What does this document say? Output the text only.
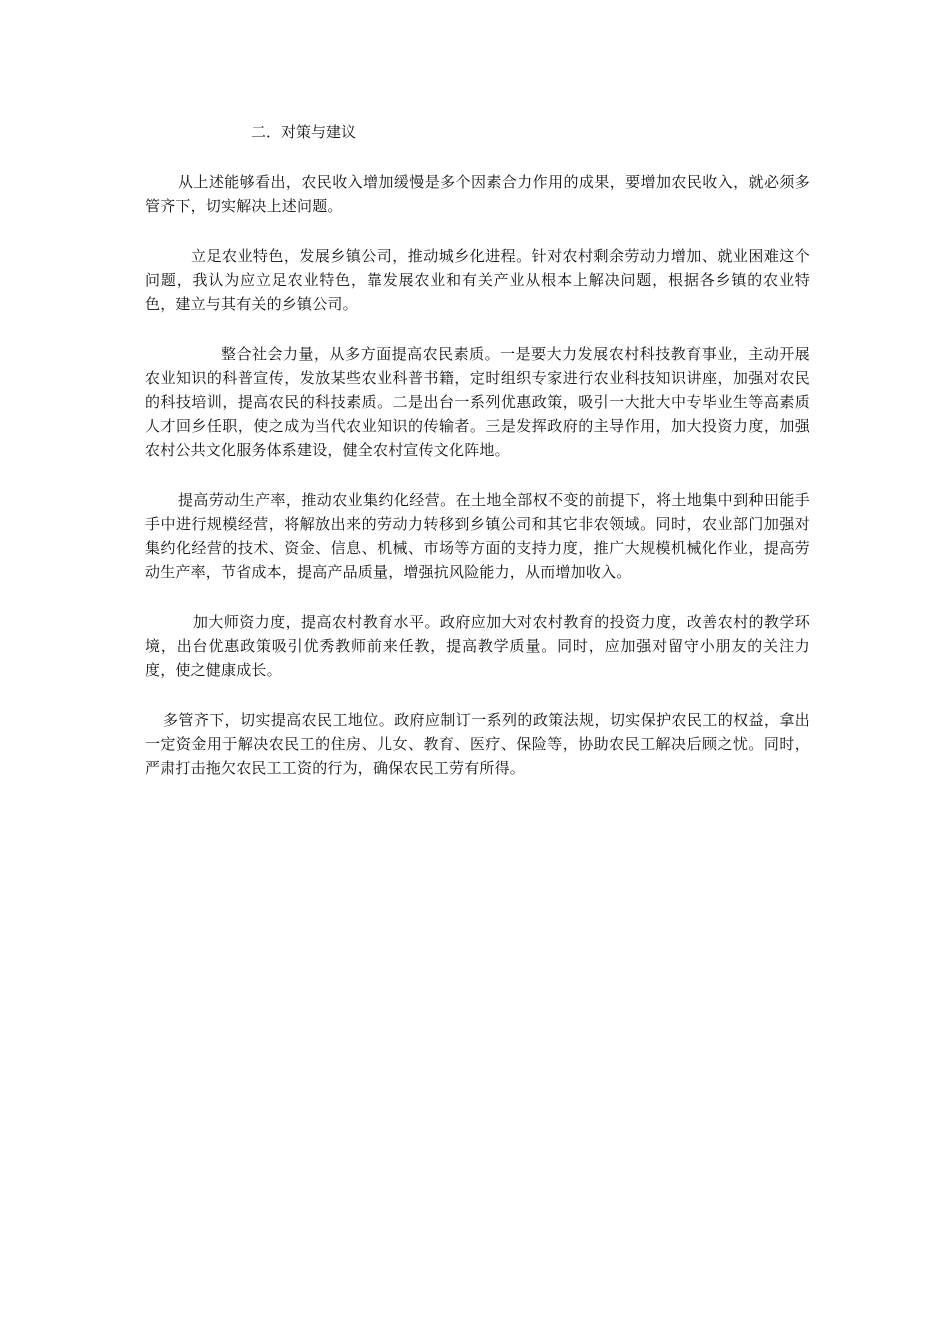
二．对策与建议

从上述能够看出，农民收入增加缓慢是多个因素合力作用的成果，要增加农民收入，就必须多管齐下，切实解决上述问题。

立足农业特色，发展乡镇公司，推动城乡化进程。针对农村剩余劳动力增加、就业困难这个问题，我认为应立足农业特色，靠发展农业和有关产业从根本上解决问题，根据各乡镇的农业特色，建立与其有关的乡镇公司。

整合社会力量，从多方面提高农民素质。一是要大力发展农村科技教育事业，主动开展农业知识的科普宣传，发放某些农业科普书籍，定时组织专家进行农业科技知识讲座，加强对农民的科技培训，提高农民的科技素质。二是出台一系列优惠政策，吸引一大批大中专毕业生等高素质人才回乡任职，使之成为当代农业知识的传输者。三是发挥政府的主导作用，加大投资力度，加强农村公共文化服务体系建设，健全农村宣传文化阵地。

提高劳动生产率，推动农业集约化经营。在土地全部权不变的前提下，将土地集中到种田能手手中进行规模经营，将解放出来的劳动力转移到乡镇公司和其它非农领域。同时，农业部门加强对集约化经营的技术、资金、信息、机械、市场等方面的支持力度，推广大规模机械化作业，提高劳动生产率，节省成本，提高产品质量，增强抗风险能力，从而增加收入。

加大师资力度，提高农村教育水平。政府应加大对农村教育的投资力度，改善农村的教学环境，出台优惠政策吸引优秀教师前来任教，提高教学质量。同时，应加强对留守小朋友的关注力度，使之健康成长。

多管齐下，切实提高农民工地位。政府应制订一系列的政策法规，切实保护农民工的权益，拿出一定资金用于解决农民工的住房、儿女、教育、医疗、保险等，协助农民工解决后顾之忧。同时，严肃打击拖欠农民工工资的行为，确保农民工劳有所得。
